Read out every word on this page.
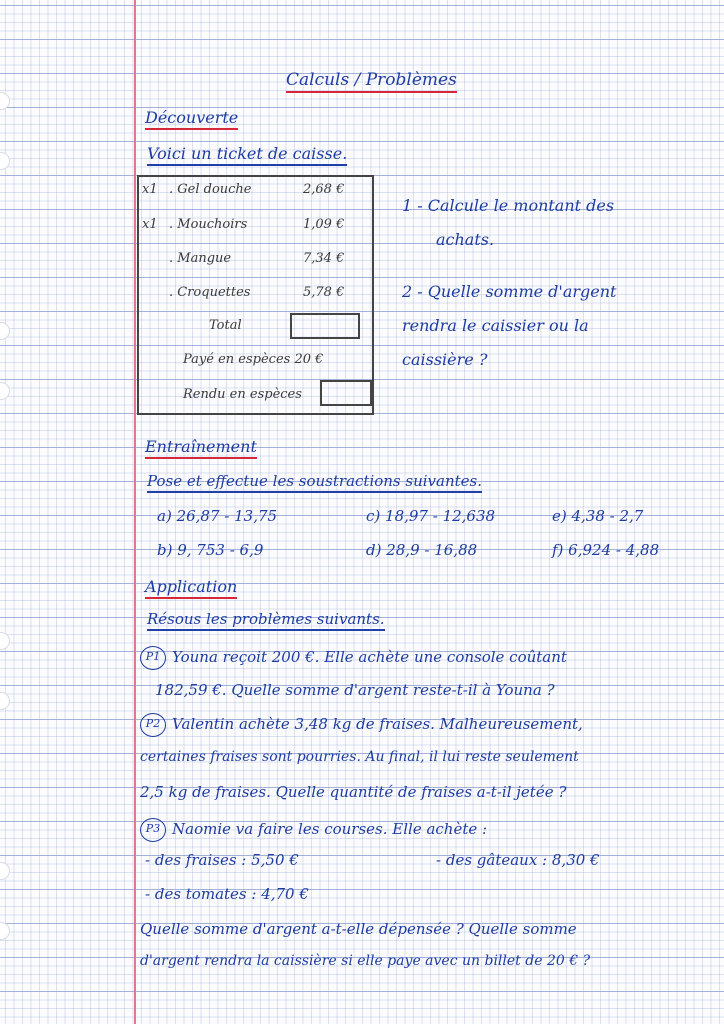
Calculs / Problèmes
Découverte
Voici un ticket de caisse.
x1 . Gel douche	2,68 €
x1 . Mouchoirs	1,09 €
. Mangue	7,34 €
. Croquettes	5,78 €
Total
Payé en espèces 20 €
Rendu en espèces
1 - Calcule le montant des
achats.
2 - Quelle somme d'argent
rendra le caissier ou la
caissière ?
Entraînement
Pose et effectue les soustractions suivantes.
a) 26,87 - 13,75	c) 18,97 - 12,638	e) 4,38 - 2,7
b) 9, 753 - 6,9	d) 28,9 - 16,88	f) 6,924 - 4,88
Application
Résous les problèmes suivants.
P1 Youna reçoit 200 €. Elle achète une console coûtant
182,59 €. Quelle somme d'argent reste-t-il à Youna ?
P2 Valentin achète 3,48 kg de fraises. Malheureusement,
certaines fraises sont pourries. Au final, il lui reste seulement
2,5 kg de fraises. Quelle quantité de fraises a-t-il jetée ?
P3 Naomie va faire les courses. Elle achète :
- des fraises : 5,50 €	- des gâteaux : 8,30 €
- des tomates : 4,70 €
Quelle somme d'argent a-t-elle dépensée ? Quelle somme
d'argent rendra la caissière si elle paye avec un billet de 20 € ?
